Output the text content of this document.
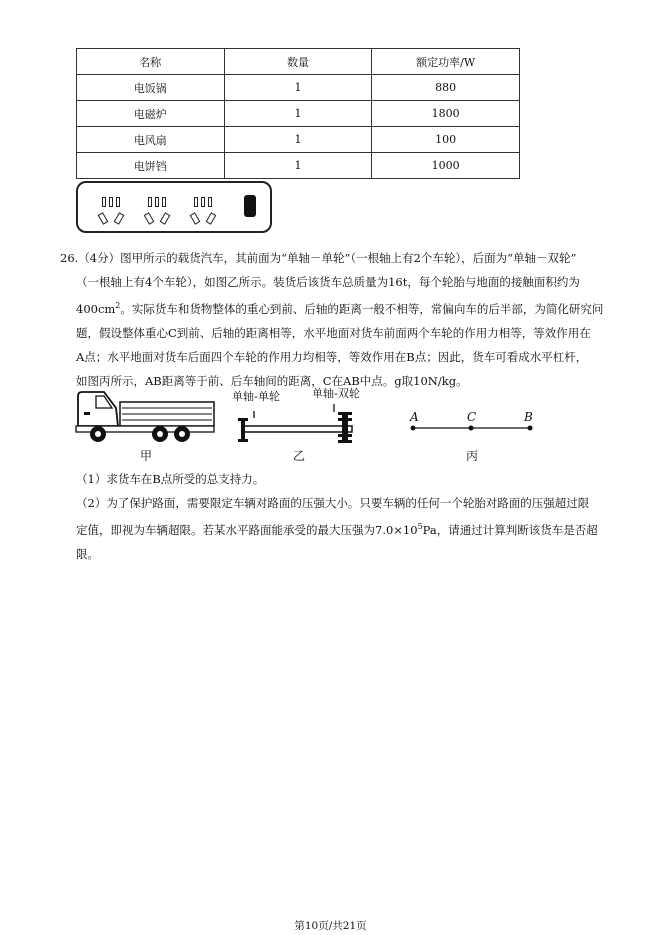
名称	数量	额定功率/W
电饭锅	1	880
电磁炉	1	1800
电风扇	1	100
电饼铛	1	1000

26.（4分）图甲所示的载货汽车，其前面为“单轴－单轮”（一根轴上有2个车轮），后面为“单轴－双轮”

（一根轴上有4个车轮），如图乙所示。装货后该货车总质量为16t，每个轮胎与地面的接触面积约为

$400cm^2$。实际货车和货物整体的重心到前、后轴的距离一般不相等，常偏向车的后半部，为简化研究问

题，假设整体重心C到前、后轴的距离相等，水平地面对货车前面两个车轮的作用力相等，等效作用在

A点；水平地面对货车后面四个车轮的作用力均相等，等效作用在B点；因此，货车可看成水平杠杆，

如图丙所示，AB距离等于前、后车轴间的距离，C在AB中点。g取10N/kg。

甲
单轴-单轮	单轴-双轮
乙
A	C	B
丙

（1）求货车在B点所受的总支持力。

（2）为了保护路面，需要限定车辆对路面的压强大小。只要车辆的任何一个轮胎对路面的压强超过限

定值，即视为车辆超限。若某水平路面能承受的最大压强为$7.0\times 10^5Pa$，请通过计算判断该货车是否超

限。

第10页/共21页
